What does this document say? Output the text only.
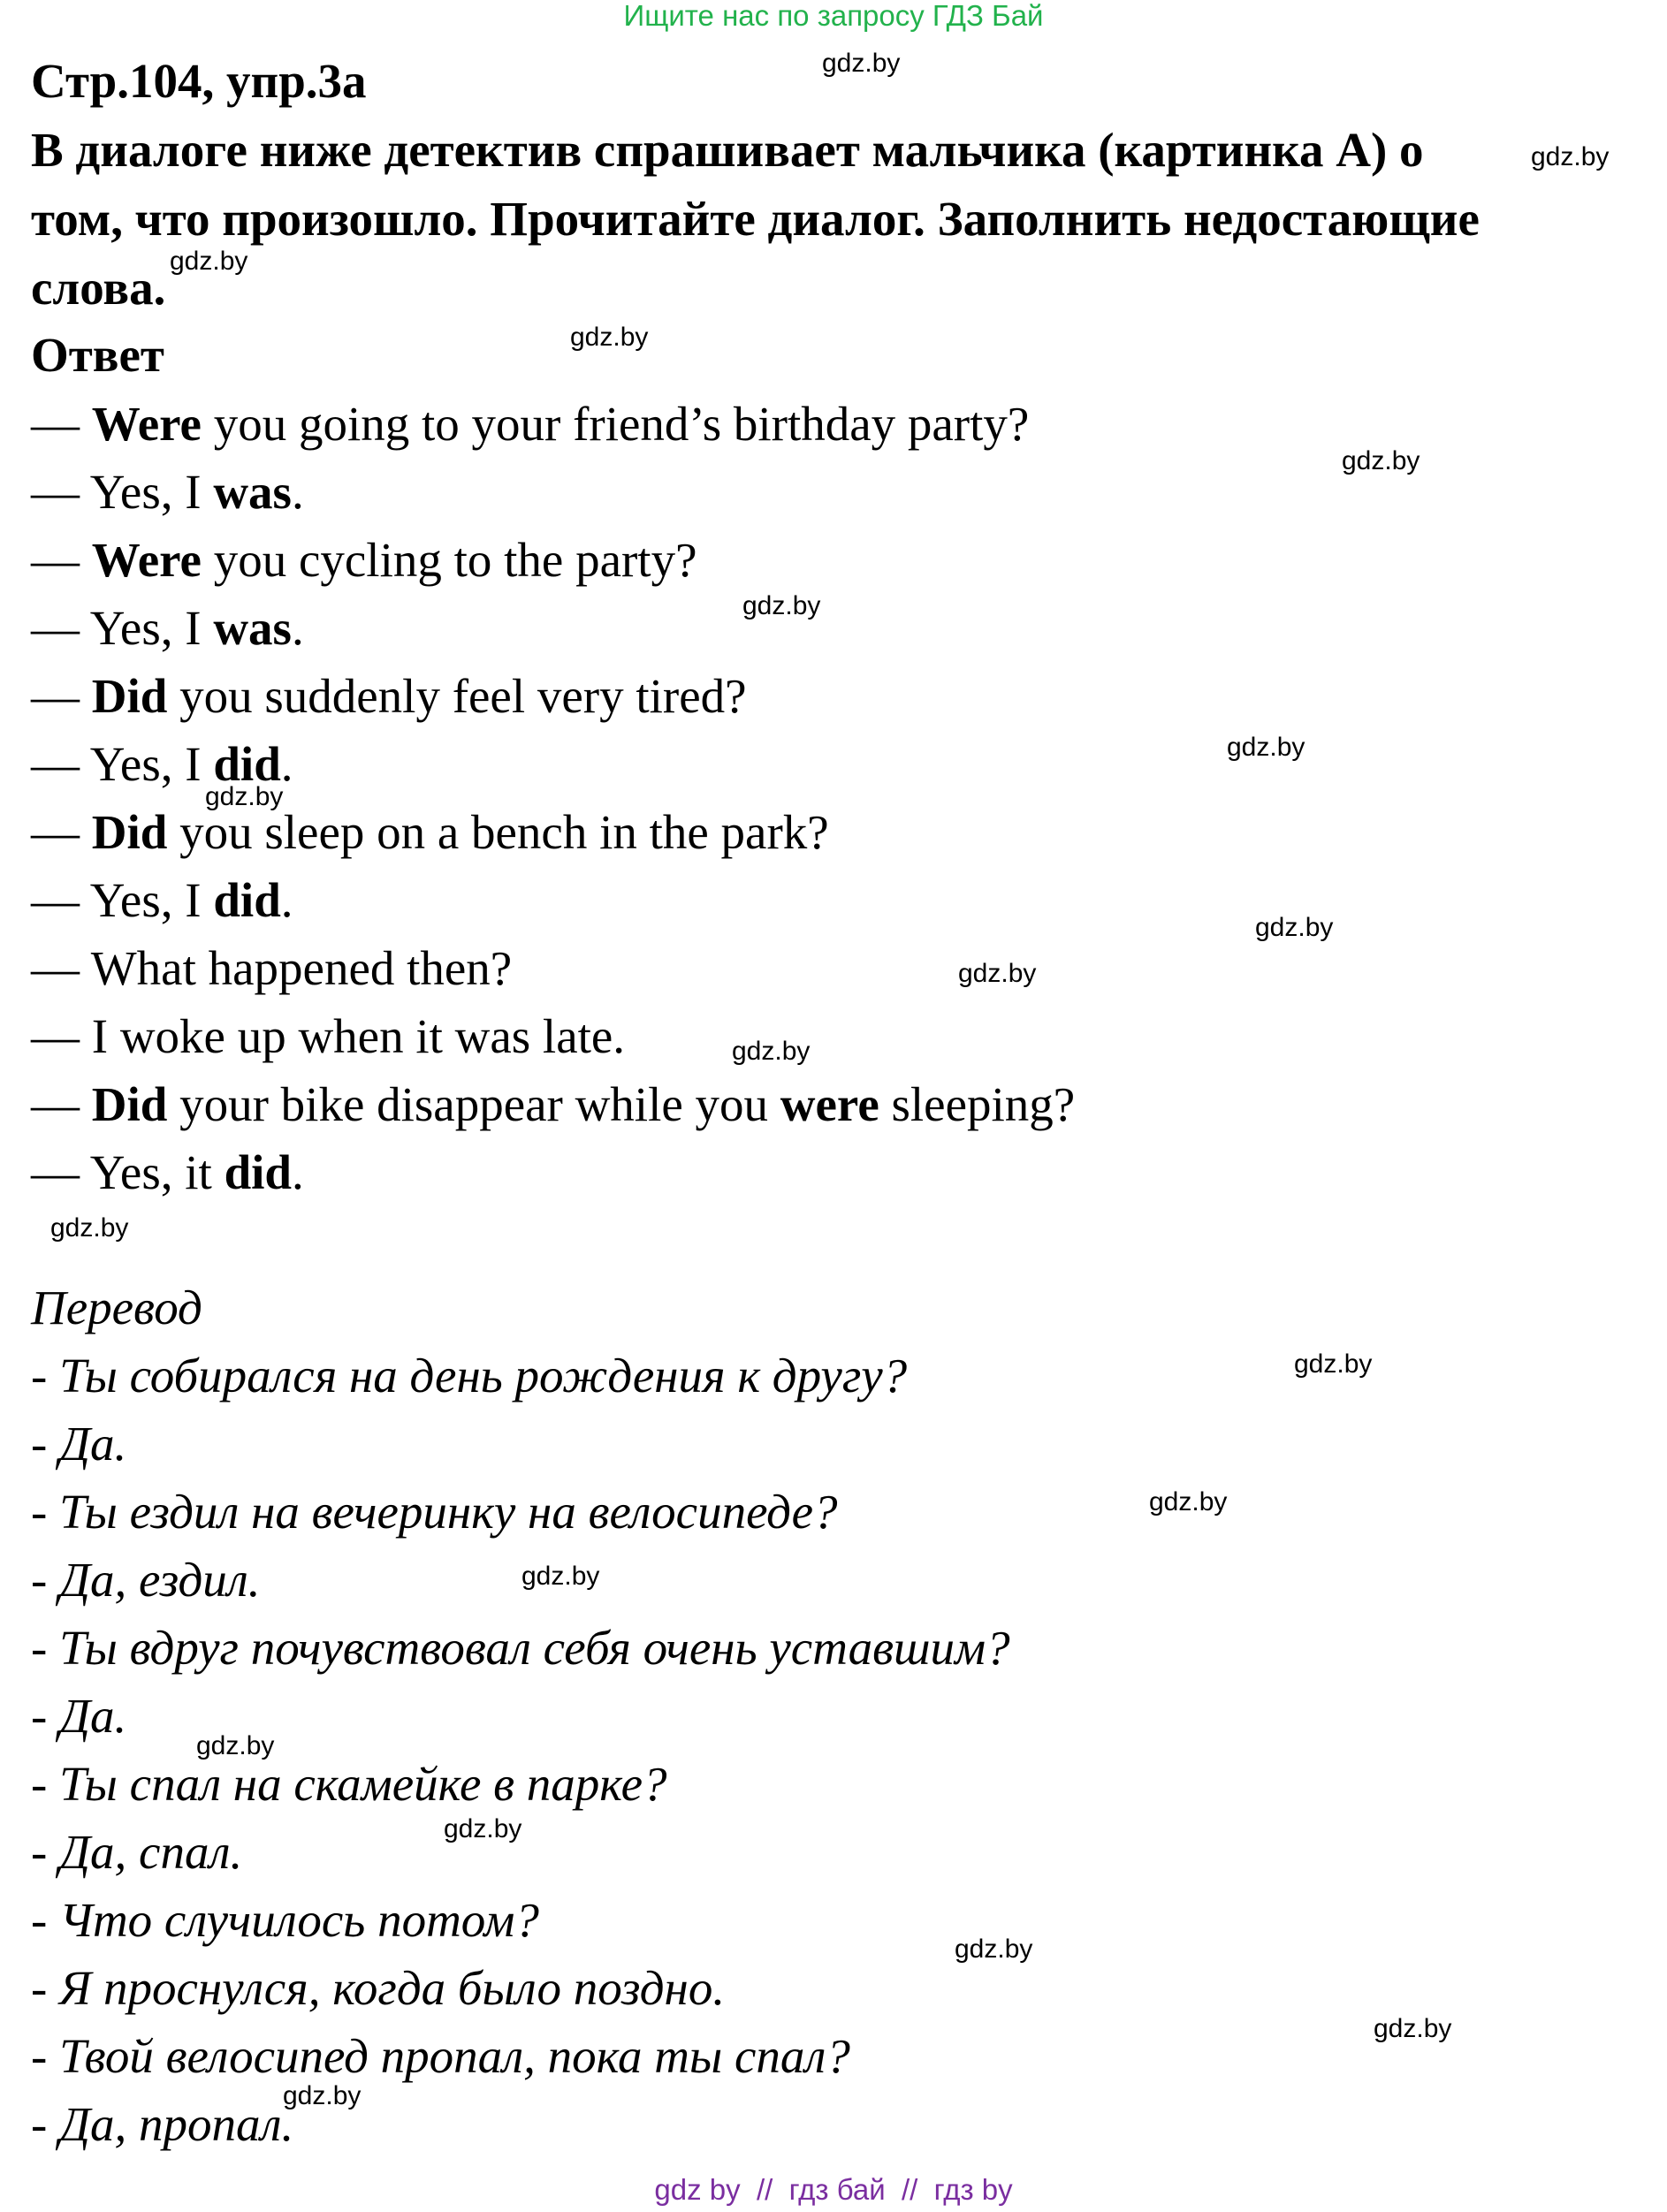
Ищите нас по запросу ГДЗ Бай
Стр.104, упр.3а
В диалоге ниже детектив спрашивает мальчика (картинка А) о
том, что произошло. Прочитайте диалог. Заполнить недостающие
слова.
Ответ
— Were you going to your friend’s birthday party?
— Yes, I was.
— Were you cycling to the party?
— Yes, I was.
— Did you suddenly feel very tired?
— Yes, I did.
— Did you sleep on a bench in the park?
— Yes, I did.
— What happened then?
— I woke up when it was late.
— Did your bike disappear while you were sleeping?
— Yes, it did.
Перевод
- Ты собирался на день рождения к другу?
- Да.
- Ты ездил на вечеринку на велосипеде?
- Да, ездил.
- Ты вдруг почувствовал себя очень уставшим?
- Да.
- Ты спал на скамейке в парке?
- Да, спал.
- Что случилось потом?
- Я проснулся, когда было поздно.
- Твой велосипед пропал, пока ты спал?
- Да, пропал.
gdz.by
gdz.by
gdz.by
gdz.by
gdz.by
gdz.by
gdz.by
gdz.by
gdz.by
gdz.by
gdz.by
gdz.by
gdz.by
gdz.by
gdz.by
gdz.by
gdz.by
gdz.by
gdz.by
gdz.by
gdz by  //  гдз бай  //  гдз by
